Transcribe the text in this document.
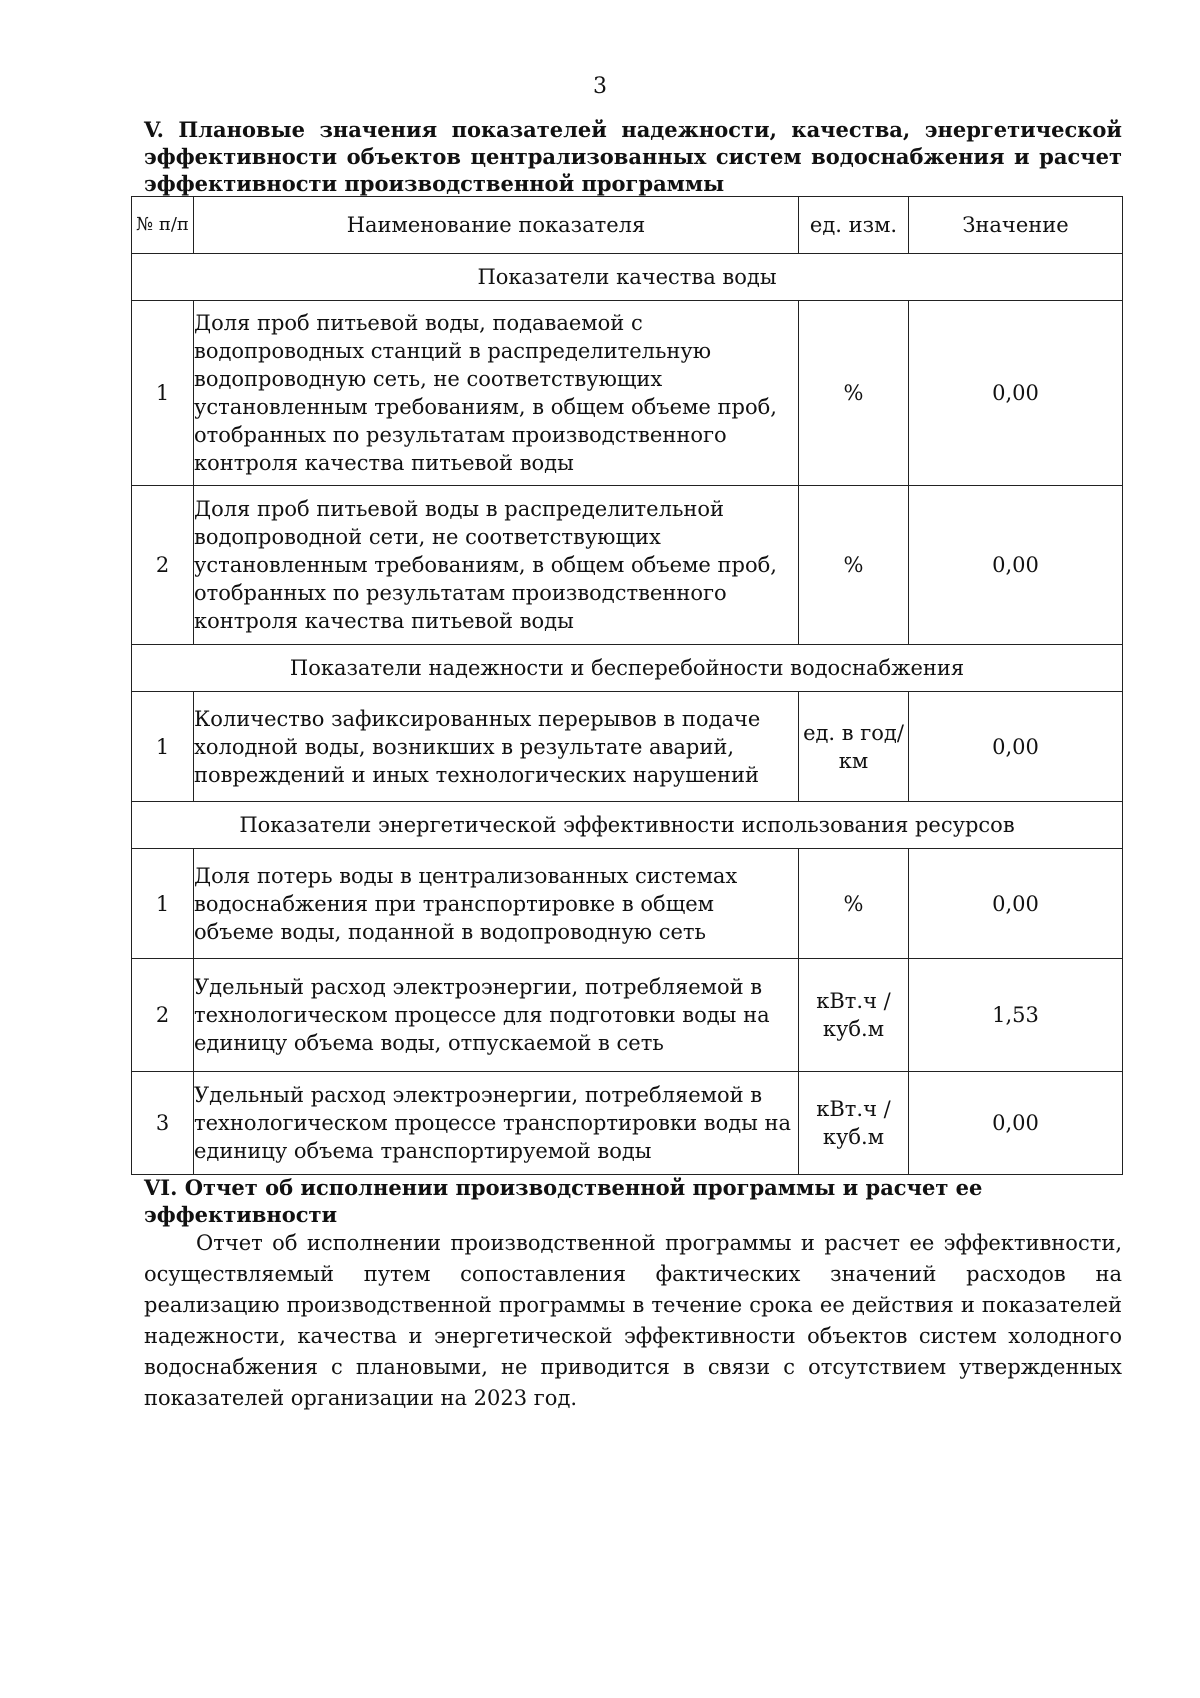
3
V. Плановые значения показателей надежности, качества, энергетической эффективности объектов централизованных систем водоснабжения и расчет
эффективности производственной программы
№ п/п	Наименование показателя	ед. изм.	Значение
Показатели качества воды			
1	Доля проб питьевой воды, подаваемой с водопроводных станций в распределительную водопроводную сеть, не соответствующих установленным требованиям, в общем объеме проб, отобранных по результатам производственного контроля качества питьевой воды	%	0,00
2	Доля проб питьевой воды в распределительной водопроводной сети, не соответствующих установленным требованиям, в общем объеме проб, отобранных по результатам производственного контроля качества питьевой воды	%	0,00
Показатели надежности и бесперебойности водоснабжения			
1	Количество зафиксированных перерывов в подаче холодной воды, возникших в результате аварий, повреждений и иных технологических нарушений	ед. в год/ км	0,00
Показатели энергетической эффективности использования ресурсов			
1	Доля потерь воды в централизованных системах водоснабжения при транспортировке в общем объеме воды, поданной в водопроводную сеть	%	0,00
2	Удельный расход электроэнергии, потребляемой в технологическом процессе для подготовки воды на единицу объема воды, отпускаемой в сеть	кВт.ч / куб.м	1,53
3	Удельный расход электроэнергии, потребляемой в технологическом процессе транспортировки воды на единицу объема транспортируемой воды	кВт.ч / куб.м	0,00
VI. Отчет об исполнении производственной программы и расчет ее эффективности
Отчет об исполнении производственной программы и расчет ее эффективности, осуществляемый путем сопоставления фактических значений расходов на реализацию производственной программы в течение срока ее действия и показателей надежности, качества и энергетической эффективности объектов систем холодного водоснабжения с плановыми, не приводится в связи с отсутствием утвержденных показателей организации на 2023 год.
